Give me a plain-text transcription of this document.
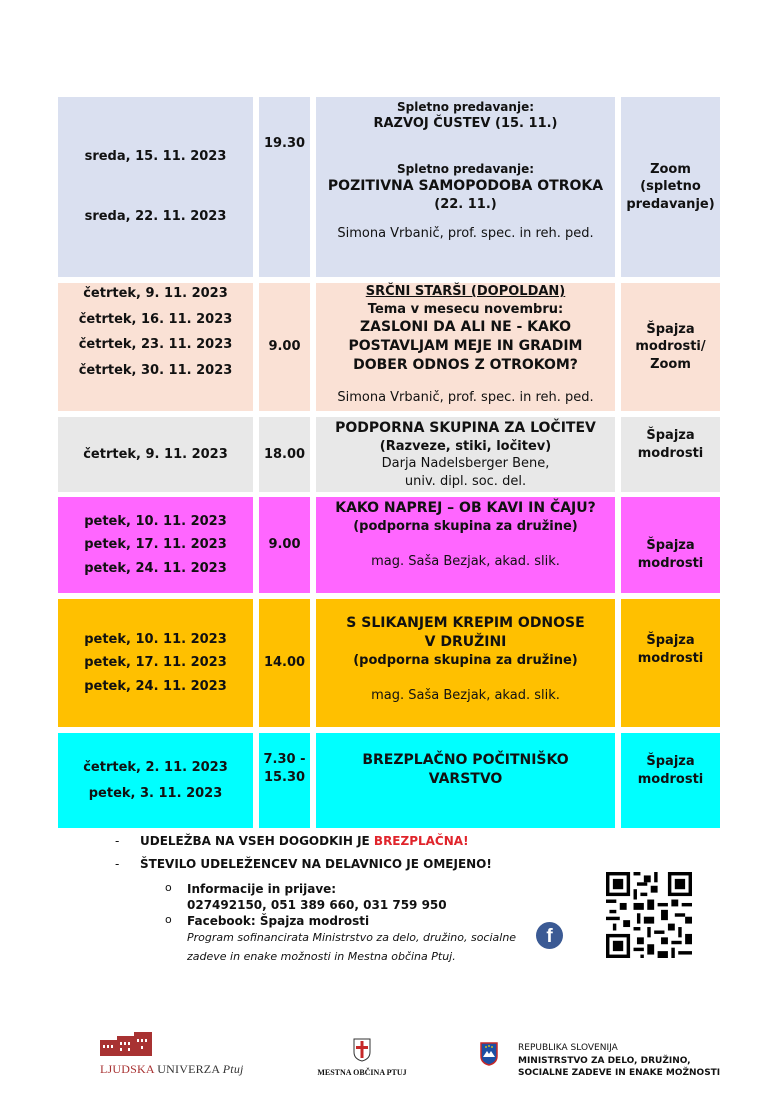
sreda, 15. 11. 2023
sreda, 22. 11. 2023
19.30
Spletno predavanje:
RAZVOJ ČUSTEV (15. 11.)
Spletno predavanje:
POZITIVNA SAMOPODOBA OTROKA
(22. 11.)
Simona Vrbanič, prof. spec. in reh. ped.
Zoom (spletno predavanje)
četrtek, 9. 11. 2023
četrtek, 16. 11. 2023
četrtek, 23. 11. 2023
četrtek, 30. 11. 2023
9.00
SRČNI STARŠI (DOPOLDAN)
Tema v mesecu novembru:
ZASLONI DA ALI NE - KAKO POSTAVLJAM MEJE IN GRADIM DOBER ODNOS Z OTROKOM?
Simona Vrbanič, prof. spec. in reh. ped.
Špajza modrosti/ Zoom
četrtek, 9. 11. 2023	18.00
PODPORNA SKUPINA ZA LOČITEV
(Razveze, stiki, ločitev)
Darja Nadelsberger Bene,
univ. dipl. soc. del.
Špajza modrosti
petek, 10. 11. 2023
petek, 17. 11. 2023
petek, 24. 11. 2023
9.00
KAKO NAPREJ – OB KAVI IN ČAJU?
(podporna skupina za družine)
mag. Saša Bezjak, akad. slik.
Špajza modrosti
petek, 10. 11. 2023
petek, 17. 11. 2023
petek, 24. 11. 2023
14.00
S SLIKANJEM KREPIM ODNOSE
V DRUŽINI
(podporna skupina za družine)
mag. Saša Bezjak, akad. slik.
Špajza modrosti
četrtek, 2. 11. 2023
petek, 3. 11. 2023
7.30 - 15.30
BREZPLAČNO POČITNIŠKO
VARSTVO
Špajza modrosti
- UDELEŽBA NA VSEH DOGODKIH JE BREZPLAČNA!
- ŠTEVILO UDELEŽENCEV NA DELAVNICO JE OMEJENO!
o Informacije in prijave:
027492150, 051 389 660, 031 759 950
o Facebook: Špajza modrosti
Program sofinancirata Ministrstvo za delo, družino, socialne zadeve in enake možnosti in Mestna občina Ptuj.
f
LJUDSKA UNIVERZA Ptuj	MESTNA OBČINA PTUJ
REPUBLIKA SLOVENIJA
MINISTRSTVO ZA DELO, DRUŽINO,
SOCIALNE ZADEVE IN ENAKE MOŽNOSTI
